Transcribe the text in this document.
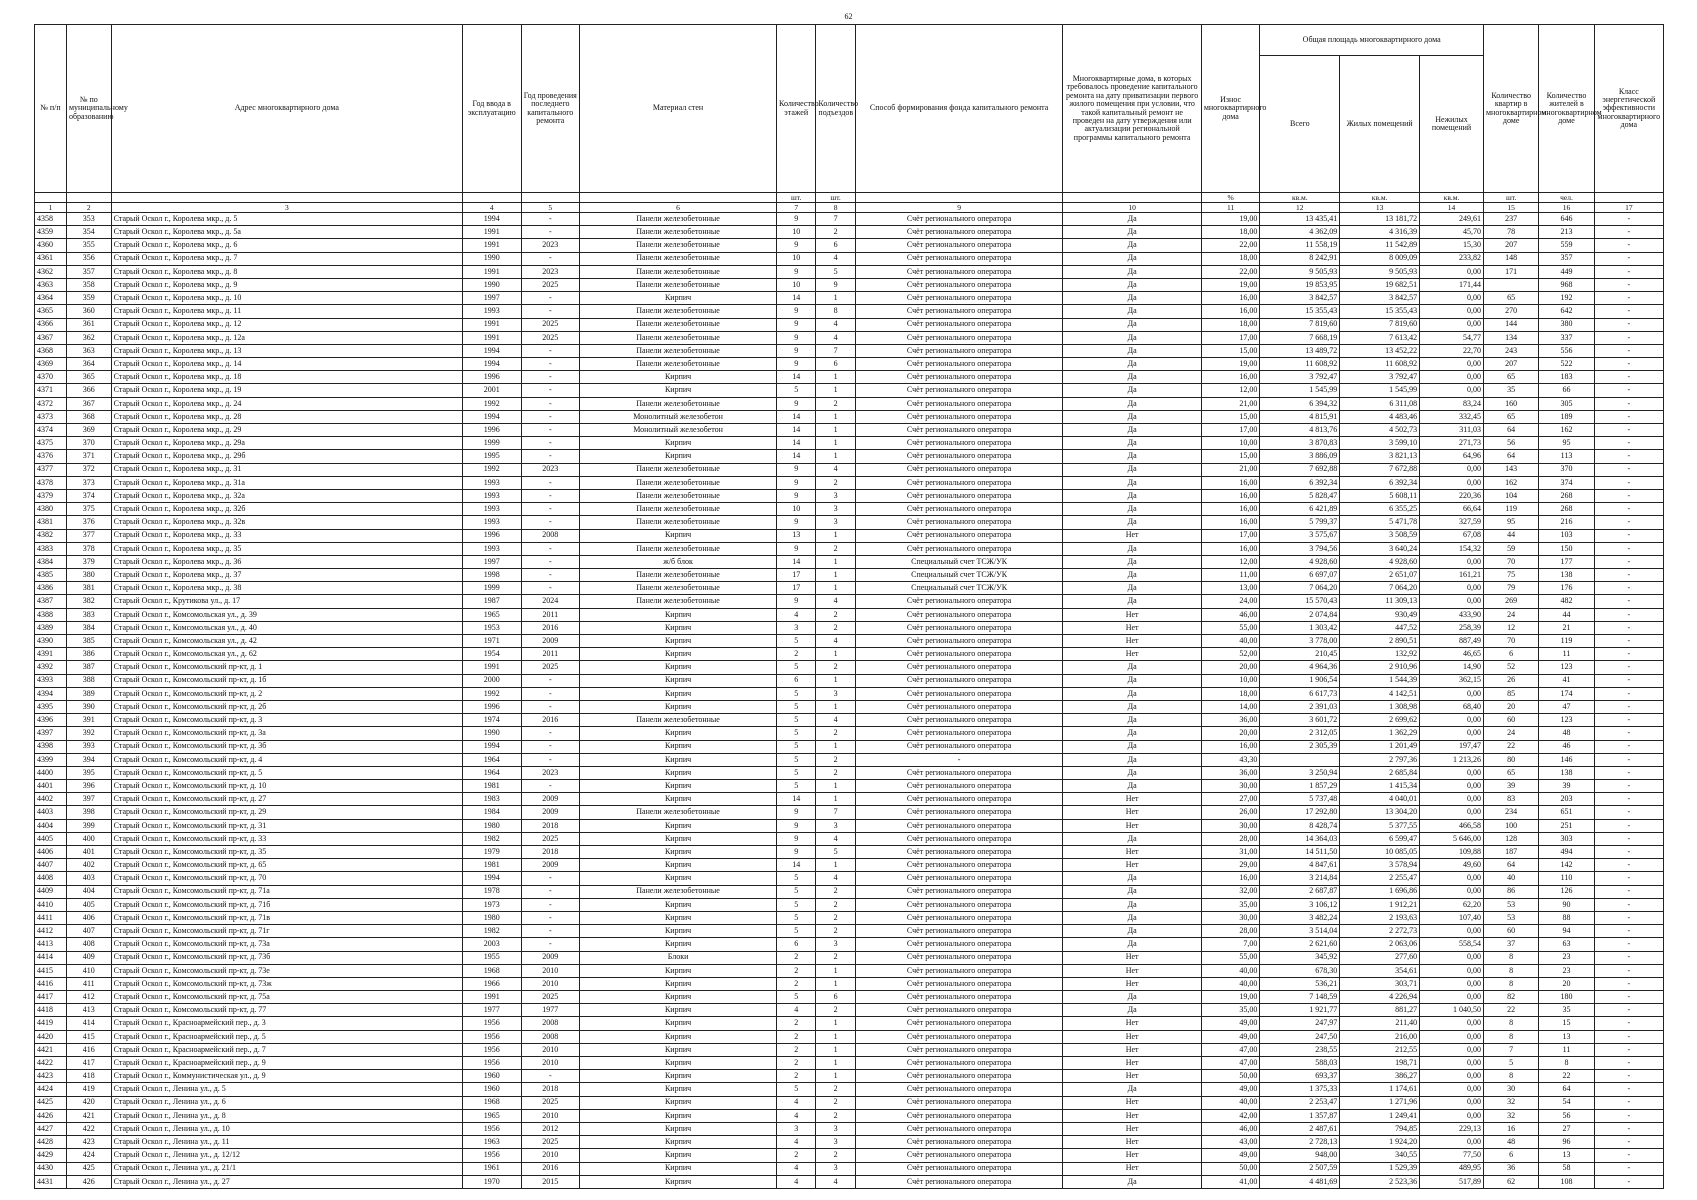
62
№ п/п	№ по муниципальному образованию	Адрес многоквартирного дома	Год ввода в эксплуатацию	Год проведения последнего капитального ремонта	Материал стен	Количество этажей	Количество подъездов	Способ формирования фонда капитального ремонта	Многоквартирные дома, в которых требовалось проведение капитального ремонта на дату приватизации первого жилого помещения при условии, что такой капитальный ремонт не проведен на дату утверждения или актуализации региональной программы капитального ремонта	Износ многоквартирного дома	Общая площадь многоквартирного дома			Количество квартир в многоквартирном доме	Количество жителей в многоквартирном доме	Класс энергетической эффективности многоквартирного дома
											Всего	Жилых помещений	Нежилых помещений			
						шт.	шт.			%	кв.м.	кв.м.	кв.м.	шт.	чел.	
1	2	3	4	5	6	7	8	9	10	11	12	13	14	15	16	17
4358	353	Старый Оскол г., Королева мкр., д. 5	1994	-	Панели железобетонные	9	7	Счёт регионального оператора	Да	19,00	13 435,41	13 181,72	249,61	237	646	-
4359	354	Старый Оскол г., Королева мкр., д. 5а	1991	-	Панели железобетонные	10	2	Счёт регионального оператора	Да	18,00	4 362,09	4 316,39	45,70	78	213	-
4360	355	Старый Оскол г., Королева мкр., д. 6	1991	2023	Панели железобетонные	9	6	Счёт регионального оператора	Да	22,00	11 558,19	11 542,89	15,30	207	559	-
4361	356	Старый Оскол г., Королева мкр., д. 7	1990	-	Панели железобетонные	10	4	Счёт регионального оператора	Да	18,00	8 242,91	8 009,09	233,82	148	357	-
4362	357	Старый Оскол г., Королева мкр., д. 8	1991	2023	Панели железобетонные	9	5	Счёт регионального оператора	Да	22,00	9 505,93	9 505,93	0,00	171	449	-
4363	358	Старый Оскол г., Королева мкр., д. 9	1990	2025	Панели железобетонные	10	9	Счёт регионального оператора	Да	19,00	19 853,95	19 682,51	171,44		968	-
4364	359	Старый Оскол г., Королева мкр., д. 10	1997	-	Кирпич	14	1	Счёт регионального оператора	Да	16,00	3 842,57	3 842,57	0,00	65	192	-
4365	360	Старый Оскол г., Королева мкр., д. 11	1993	-	Панели железобетонные	9	8	Счёт регионального оператора	Да	16,00	15 355,43	15 355,43	0,00	270	642	-
4366	361	Старый Оскол г., Королева мкр., д. 12	1991	2025	Панели железобетонные	9	4	Счёт регионального оператора	Да	18,00	7 819,60	7 819,60	0,00	144	380	-
4367	362	Старый Оскол г., Королева мкр., д. 12а	1991	2025	Панели железобетонные	9	4	Счёт регионального оператора	Да	17,00	7 668,19	7 613,42	54,77	134	337	-
4368	363	Старый Оскол г., Королева мкр., д. 13	1994	-	Панели железобетонные	9	7	Счёт регионального оператора	Да	15,00	13 489,72	13 452,22	22,70	243	556	-
4369	364	Старый Оскол г., Королева мкр., д. 14	1994	-	Панели железобетонные	9	6	Счёт регионального оператора	Да	19,00	11 608,92	11 608,92	0,00	207	522	-
4370	365	Старый Оскол г., Королева мкр., д. 18	1996	-	Кирпич	14	1	Счёт регионального оператора	Да	16,00	3 792,47	3 792,47	0,00	65	183	-
4371	366	Старый Оскол г., Королева мкр., д. 19	2001	-	Кирпич	5	1	Счёт регионального оператора	Да	12,00	1 545,99	1 545,99	0,00	35	66	-
4372	367	Старый Оскол г., Королева мкр., д. 24	1992	-	Панели железобетонные	9	2	Счёт регионального оператора	Да	21,00	6 394,32	6 311,08	83,24	160	305	-
4373	368	Старый Оскол г., Королева мкр., д. 28	1994	-	Монолитный железобетон	14	1	Счёт регионального оператора	Да	15,00	4 815,91	4 483,46	332,45	65	189	-
4374	369	Старый Оскол г., Королева мкр., д. 29	1996	-	Монолитный железобетон	14	1	Счёт регионального оператора	Да	17,00	4 813,76	4 502,73	311,03	64	162	-
4375	370	Старый Оскол г., Королева мкр., д. 29а	1999	-	Кирпич	14	1	Счёт регионального оператора	Да	10,00	3 870,83	3 599,10	271,73	56	95	-
4376	371	Старый Оскол г., Королева мкр., д. 29б	1995	-	Кирпич	14	1	Счёт регионального оператора	Да	15,00	3 886,09	3 821,13	64,96	64	113	-
4377	372	Старый Оскол г., Королева мкр., д. 31	1992	2023	Панели железобетонные	9	4	Счёт регионального оператора	Да	21,00	7 692,88	7 672,88	0,00	143	370	-
4378	373	Старый Оскол г., Королева мкр., д. 31а	1993	-	Панели железобетонные	9	2	Счёт регионального оператора	Да	16,00	6 392,34	6 392,34	0,00	162	374	-
4379	374	Старый Оскол г., Королева мкр., д. 32а	1993	-	Панели железобетонные	9	3	Счёт регионального оператора	Да	16,00	5 828,47	5 608,11	220,36	104	268	-
4380	375	Старый Оскол г., Королева мкр., д. 32б	1993	-	Панели железобетонные	10	3	Счёт регионального оператора	Да	16,00	6 421,89	6 355,25	66,64	119	268	-
4381	376	Старый Оскол г., Королева мкр., д. 32в	1993	-	Панели железобетонные	9	3	Счёт регионального оператора	Да	16,00	5 799,37	5 471,78	327,59	95	216	-
4382	377	Старый Оскол г., Королева мкр., д. 33	1996	2008	Кирпич	13	1	Счёт регионального оператора	Нет	17,00	3 575,67	3 508,59	67,08	44	103	-
4383	378	Старый Оскол г., Королева мкр., д. 35	1993	-	Панели железобетонные	9	2	Счёт регионального оператора	Да	16,00	3 794,56	3 640,24	154,32	59	150	-
4384	379	Старый Оскол г., Королева мкр., д. 36	1997	-	ж/б блок	14	1	Специальный счет ТСЖ/УК	Да	12,00	4 928,60	4 928,60	0,00	70	177	-
4385	380	Старый Оскол г., Королева мкр., д. 37	1998	-	Панели железобетонные	17	1	Специальный счет ТСЖ/УК	Да	11,00	6 697,07	2 651,07	161,21	75	138	-
4386	381	Старый Оскол г., Королева мкр., д. 38	1999	-	Панели железобетонные	17	1	Специальный счет ТСЖ/УК	Да	13,00	7 064,20	7 064,20	0,00	79	176	-
4387	382	Старый Оскол г., Крутикова ул., д. 17	1987	2024	Панели железобетонные	9	4	Счёт регионального оператора	Да	24,00	15 570,43	11 309,13	0,00	269	482	-
4388	383	Старый Оскол г., Комсомольская ул., д. 39	1965	2011	Кирпич	4	2	Счёт регионального оператора	Нет	46,00	2 074,84	930,49	433,90	24	44	-
4389	384	Старый Оскол г., Комсомольская ул., д. 40	1953	2016	Кирпич	3	2	Счёт регионального оператора	Нет	55,00	1 303,42	447,52	258,39	12	21	-
4390	385	Старый Оскол г., Комсомольская ул., д. 42	1971	2009	Кирпич	5	4	Счёт регионального оператора	Нет	40,00	3 778,00	2 890,51	887,49	70	119	-
4391	386	Старый Оскол г., Комсомольская ул., д. 62	1954	2011	Кирпич	2	1	Счёт регионального оператора	Нет	52,00	210,45	132,92	46,65	6	11	-
4392	387	Старый Оскол г., Комсомольский пр-кт, д. 1	1991	2025	Кирпич	5	2	Счёт регионального оператора	Да	20,00	4 964,36	2 910,96	14,90	52	123	-
4393	388	Старый Оскол г., Комсомольский пр-кт, д. 1б	2000	-	Кирпич	6	1	Счёт регионального оператора	Да	10,00	1 906,54	1 544,39	362,15	26	41	-
4394	389	Старый Оскол г., Комсомольский пр-кт, д. 2	1992	-	Кирпич	5	3	Счёт регионального оператора	Да	18,00	6 617,73	4 142,51	0,00	85	174	-
4395	390	Старый Оскол г., Комсомольский пр-кт, д. 2б	1996	-	Кирпич	5	1	Счёт регионального оператора	Да	14,00	2 391,03	1 308,98	68,40	20	47	-
4396	391	Старый Оскол г., Комсомольский пр-кт, д. 3	1974	2016	Панели железобетонные	5	4	Счёт регионального оператора	Да	36,00	3 601,72	2 699,62	0,00	60	123	-
4397	392	Старый Оскол г., Комсомольский пр-кт, д. 3а	1990	-	Кирпич	5	2	Счёт регионального оператора	Да	20,00	2 312,05	1 362,29	0,00	24	48	-
4398	393	Старый Оскол г., Комсомольский пр-кт, д. 3б	1994	-	Кирпич	5	1	Счёт регионального оператора	Да	16,00	2 305,39	1 201,49	197,47	22	46	-
4399	394	Старый Оскол г., Комсомольский пр-кт, д. 4	1964	-	Кирпич	5	2	-	Да	43,30		2 797,36	1 213,26	80	146	-
4400	395	Старый Оскол г., Комсомольский пр-кт, д. 5	1964	2023	Кирпич	5	2	Счёт регионального оператора	Да	36,00	3 250,94	2 685,84	0,00	65	138	-
4401	396	Старый Оскол г., Комсомольский пр-кт, д. 10	1981	-	Кирпич	5	1	Счёт регионального оператора	Да	30,00	1 857,29	1 415,34	0,00	39	39	-
4402	397	Старый Оскол г., Комсомольский пр-кт, д. 27	1983	2009	Кирпич	14	1	Счёт регионального оператора	Нет	27,00	5 737,48	4 040,01	0,00	83	203	-
4403	398	Старый Оскол г., Комсомольский пр-кт, д. 29	1984	2009	Панели железобетонные	9	7	Счёт регионального оператора	Нет	26,00	17 292,80	13 304,20	0,00	234	651	-
4404	399	Старый Оскол г., Комсомольский пр-кт, д. 31	1980	2018	Кирпич	9	3	Счёт регионального оператора	Нет	30,00	8 428,74	5 377,55	466,58	100	251	-
4405	400	Старый Оскол г., Комсомольский пр-кт, д. 33	1982	2025	Кирпич	9	4	Счёт регионального оператора	Да	28,00	14 364,03	6 599,47	5 646,00	128	303	-
4406	401	Старый Оскол г., Комсомольский пр-кт, д. 35	1979	2018	Кирпич	9	5	Счёт регионального оператора	Нет	31,00	14 511,50	10 085,05	109,88	187	494	-
4407	402	Старый Оскол г., Комсомольский пр-кт, д. 65	1981	2009	Кирпич	14	1	Счёт регионального оператора	Нет	29,00	4 847,61	3 578,94	49,60	64	142	-
4408	403	Старый Оскол г., Комсомольский пр-кт, д. 70	1994	-	Кирпич	5	4	Счёт регионального оператора	Да	16,00	3 214,84	2 255,47	0,00	40	110	-
4409	404	Старый Оскол г., Комсомольский пр-кт, д. 71а	1978	-	Панели железобетонные	5	2	Счёт регионального оператора	Да	32,00	2 687,87	1 696,86	0,00	86	126	-
4410	405	Старый Оскол г., Комсомольский пр-кт, д. 71б	1973	-	Кирпич	5	2	Счёт регионального оператора	Да	35,00	3 106,12	1 912,21	62,20	53	90	-
4411	406	Старый Оскол г., Комсомольский пр-кт, д. 71в	1980	-	Кирпич	5	2	Счёт регионального оператора	Да	30,00	3 482,24	2 193,63	107,40	53	88	-
4412	407	Старый Оскол г., Комсомольский пр-кт, д. 71г	1982	-	Кирпич	5	2	Счёт регионального оператора	Да	28,00	3 514,04	2 272,73	0,00	60	94	-
4413	408	Старый Оскол г., Комсомольский пр-кт, д. 73а	2003	-	Кирпич	6	3	Счёт регионального оператора	Да	7,00	2 621,60	2 063,06	558,54	37	63	-
4414	409	Старый Оскол г., Комсомольский пр-кт, д. 73б	1955	2009	Блоки	2	2	Счёт регионального оператора	Нет	55,00	345,92	277,60	0,00	8	23	-
4415	410	Старый Оскол г., Комсомольский пр-кт, д. 73е	1968	2010	Кирпич	2	1	Счёт регионального оператора	Нет	40,00	678,30	354,61	0,00	8	23	-
4416	411	Старый Оскол г., Комсомольский пр-кт, д. 73ж	1966	2010	Кирпич	2	1	Счёт регионального оператора	Нет	40,00	536,21	303,71	0,00	8	20	-
4417	412	Старый Оскол г., Комсомольский пр-кт, д. 75а	1991	2025	Кирпич	5	6	Счёт регионального оператора	Да	19,00	7 148,59	4 226,94	0,00	82	180	-
4418	413	Старый Оскол г., Комсомольский пр-кт, д. 77	1977	1977	Кирпич	4	2	Счёт регионального оператора	Да	35,00	1 921,77	881,27	1 040,50	22	35	-
4419	414	Старый Оскол г., Красноармейский пер., д. 3	1956	2008	Кирпич	2	1	Счёт регионального оператора	Нет	49,00	247,97	211,40	0,00	8	15	-
4420	415	Старый Оскол г., Красноармейский пер., д. 5	1956	2008	Кирпич	2	1	Счёт регионального оператора	Нет	49,00	247,50	216,00	0,00	8	13	-
4421	416	Старый Оскол г., Красноармейский пер., д. 7	1956	2010	Кирпич	2	1	Счёт регионального оператора	Нет	47,00	238,55	212,55	0,00	7	11	-
4422	417	Старый Оскол г., Красноармейский пер., д. 9	1956	2010	Кирпич	2	1	Счёт регионального оператора	Нет	47,00	588,03	198,71	0,00	5	8	-
4423	418	Старый Оскол г., Коммунистическая ул., д. 9	1960	-	Кирпич	2	1	Счёт регионального оператора	Нет	50,00	693,37	386,27	0,00	8	22	-
4424	419	Старый Оскол г., Ленина ул., д. 5	1960	2018	Кирпич	5	2	Счёт регионального оператора	Да	49,00	1 375,33	1 174,61	0,00	30	64	-
4425	420	Старый Оскол г., Ленина ул., д. 6	1968	2025	Кирпич	4	2	Счёт регионального оператора	Нет	40,00	2 253,47	1 271,96	0,00	32	54	-
4426	421	Старый Оскол г., Ленина ул., д. 8	1965	2010	Кирпич	4	2	Счёт регионального оператора	Нет	42,00	1 357,87	1 249,41	0,00	32	56	-
4427	422	Старый Оскол г., Ленина ул., д. 10	1956	2012	Кирпич	3	3	Счёт регионального оператора	Нет	46,00	2 487,61	794,85	229,13	16	27	-
4428	423	Старый Оскол г., Ленина ул., д. 11	1963	2025	Кирпич	4	3	Счёт регионального оператора	Нет	43,00	2 728,13	1 924,20	0,00	48	96	-
4429	424	Старый Оскол г., Ленина ул., д. 12/12	1956	2010	Кирпич	2	2	Счёт регионального оператора	Нет	49,00	948,00	340,55	77,50	6	13	-
4430	425	Старый Оскол г., Ленина ул., д. 21/1	1961	2016	Кирпич	4	3	Счёт регионального оператора	Нет	50,00	2 507,59	1 529,39	489,95	36	58	-
4431	426	Старый Оскол г., Ленина ул., д. 27	1970	2015	Кирпич	4	4	Счёт регионального оператора	Да	41,00	4 481,69	2 523,36	517,89	62	108	-
